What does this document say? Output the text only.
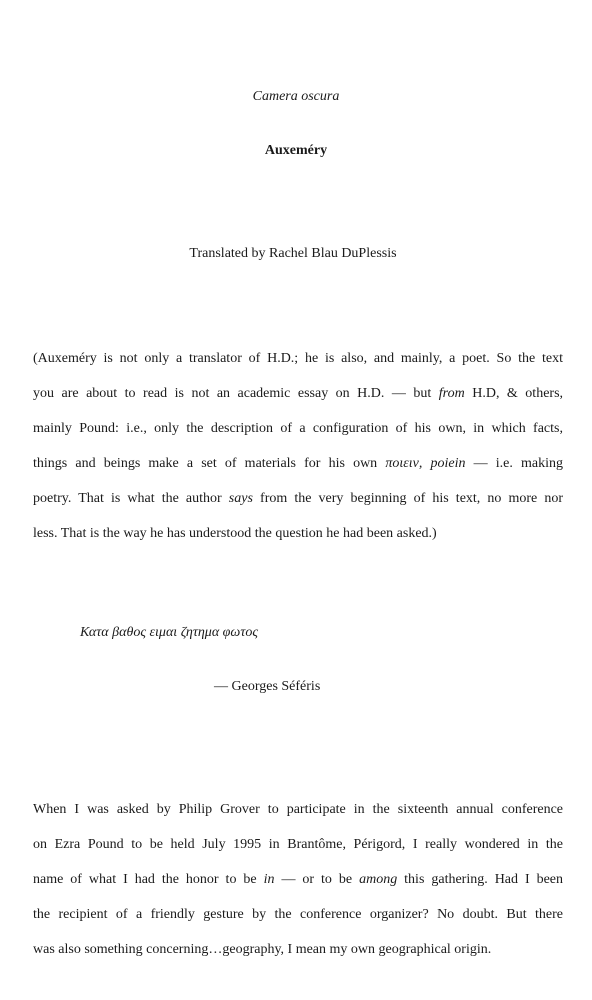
Camera oscura
Auxeméry
Translated by Rachel Blau DuPlessis
(Auxeméry is not only a translator of H.D.; he is also, and mainly, a poet. So the text
you are about to read is not an academic essay on H.D. — but from H.D, & others,
mainly Pound: i.e., only the description of a configuration of his own, in which facts,
things and beings make a set of materials for his own ποιειν, poiein — i.e. making
poetry. That is what the author says from the very beginning of his text, no more nor
less. That is the way he has understood the question he had been asked.)
Κατα βαθος ειμαι ζητημα φωτος
— Georges Séféris
When I was asked by Philip Grover to participate in the sixteenth annual conference
on Ezra Pound to be held July 1995 in Brantôme, Périgord, I really wondered in the
name of what I had the honor to be in — or to be among this gathering. Had I been
the recipient of a friendly gesture by the conference organizer? No doubt. But there
was also something concerning…geography, I mean my own geographical origin.
